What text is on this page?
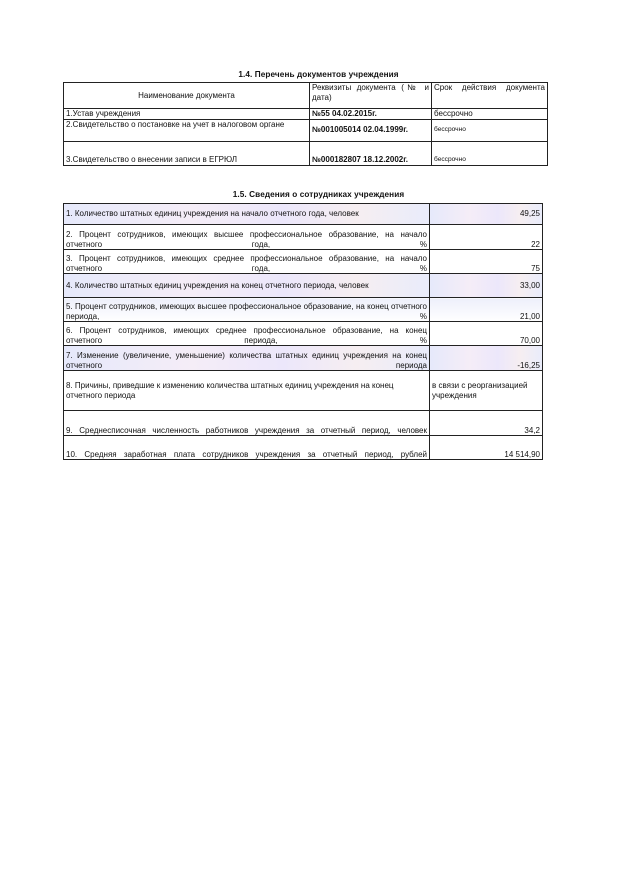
1.4. Перечень документов учреждения
Наименование документа	Реквизиты документа (№ и дата)	Срок действия документа
1.Устав учреждения	№55 04.02.2015г.	бессрочно
2.Свидетельство о постановке на учет в налоговом органе	№001005014 02.04.1999г.	бессрочно
3.Свидетельство о внесении записи в ЕГРЮЛ	№000182807 18.12.2002г.	бессрочно
1.5. Сведения о сотрудниках учреждения
1. Количество штатных единиц учреждения на начало отчетного года, человек	49,25
2. Процент сотрудников, имеющих высшее профессиональное образование, на начало отчетного года, %	22
3. Процент сотрудников, имеющих среднее профессиональное образование, на начало отчетного года, %	75
4. Количество штатных единиц учреждения на конец отчетного периода, человек	33,00
5. Процент сотрудников, имеющих высшее профессиональное образование, на конец отчетного периода, %	21,00
6. Процент сотрудников, имеющих среднее профессиональное образование, на конец отчетного периода, %	70,00
7. Изменение (увеличение, уменьшение) количества штатных единиц учреждения на конец отчетного периода	-16,25
8. Причины, приведшие к изменению количества штатных единиц учреждения на конец отчетного периода	в связи с реорганизацией учреждения
9. Среднесписочная численность работников учреждения за отчетный период, человек	34,2
10. Средняя заработная плата сотрудников учреждения за отчетный период, рублей	14 514,90
